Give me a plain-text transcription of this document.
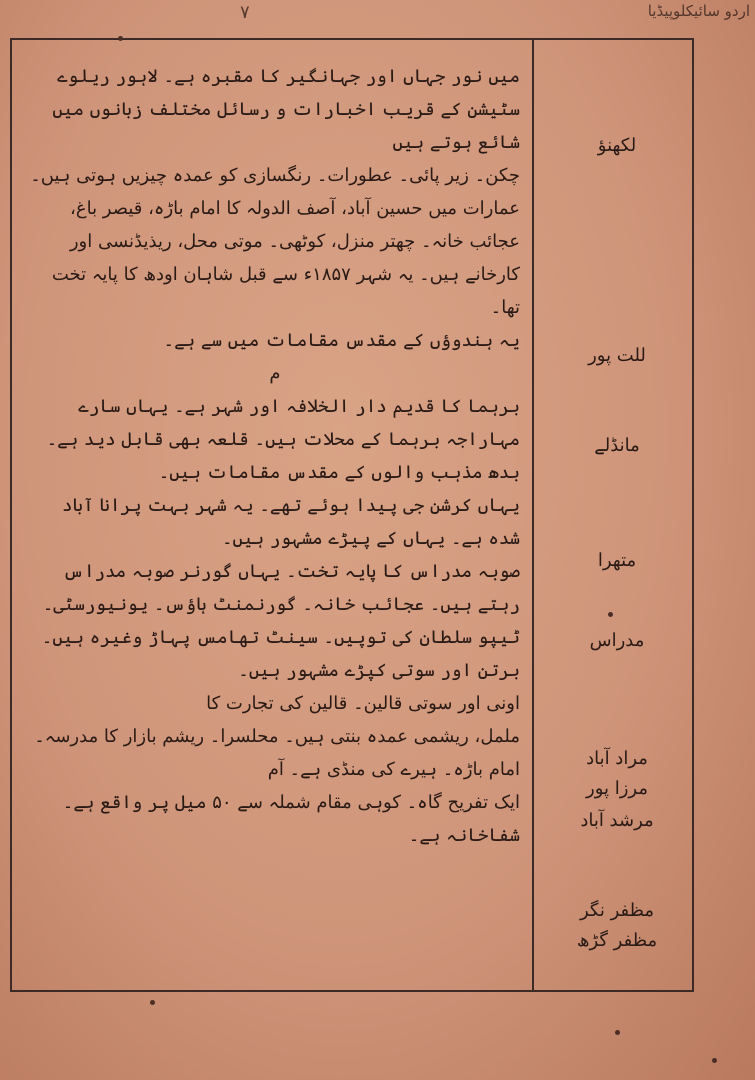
اردو سائیکلوپیڈیا
٧

میں نور جہاں اور جہانگیر کا مقبرہ ہے۔ لاہور ریلوے سٹیشن کے قریب اخبارات و رسائل مختلف زبانوں میں شائع ہوتے ہیں

چکن۔ زیر پائی۔ عطورات۔ رنگسازی کو عمدہ چیزیں ہوتی ہیں۔ عمارات میں حسین آباد، آصف الدولہ کا امام باڑہ، قیصر باغ، عجائب خانہ۔ چھتر منزل، کوٹھی۔ موتی محل، ریذیڈنسی اور کارخانے ہیں۔ یہ شہر ۱۸۵۷ء سے قبل شاہان اودھ کا پایہ تخت تھا۔

یہ ہندوؤں کے مقدس مقامات میں سے ہے۔

م

برہما کا قدیم دار الخلافہ اور شہر ہے۔ یہاں سارے مہاراجہ برہما کے محلات ہیں۔ قلعہ بھی قابل دید ہے۔ بدھ مذہب والوں کے مقدس مقامات ہیں۔

یہاں کرشن جی پیدا ہوئے تھے۔ یہ شہر بہت پرانا آباد شدہ ہے۔ یہاں کے پیڑے مشہور ہیں۔

صوبہ مدراس کا پایہ تخت۔ یہاں گورنر صوبہ مدراس رہتے ہیں۔ عجائب خانہ۔ گورنمنٹ ہاؤس۔ یونیورسٹی۔ ٹیپو سلطان کی توپیں۔ سینٹ تھامس پہاڑ وغیرہ ہیں۔

برتن اور سوتی کپڑے مشہور ہیں۔

اونی اور سوتی قالین۔ قالین کی تجارت کا

ململ، ریشمی عمدہ بنتی ہیں۔ محلسرا۔ ریشم بازار کا مدرسہ۔ امام باڑہ۔ ہیرے کی منڈی ہے۔ آم

ایک تفریح گاہ۔ کوہی مقام شملہ سے ۵۰ میل پر واقع ہے۔ شفاخانہ ہے۔

لکھنؤ
للت پور
مانڈلے
متھرا
مدراس
مراد آباد
مرزا پور
مرشد آباد
مظفر نگر
مظفر گڑھ
